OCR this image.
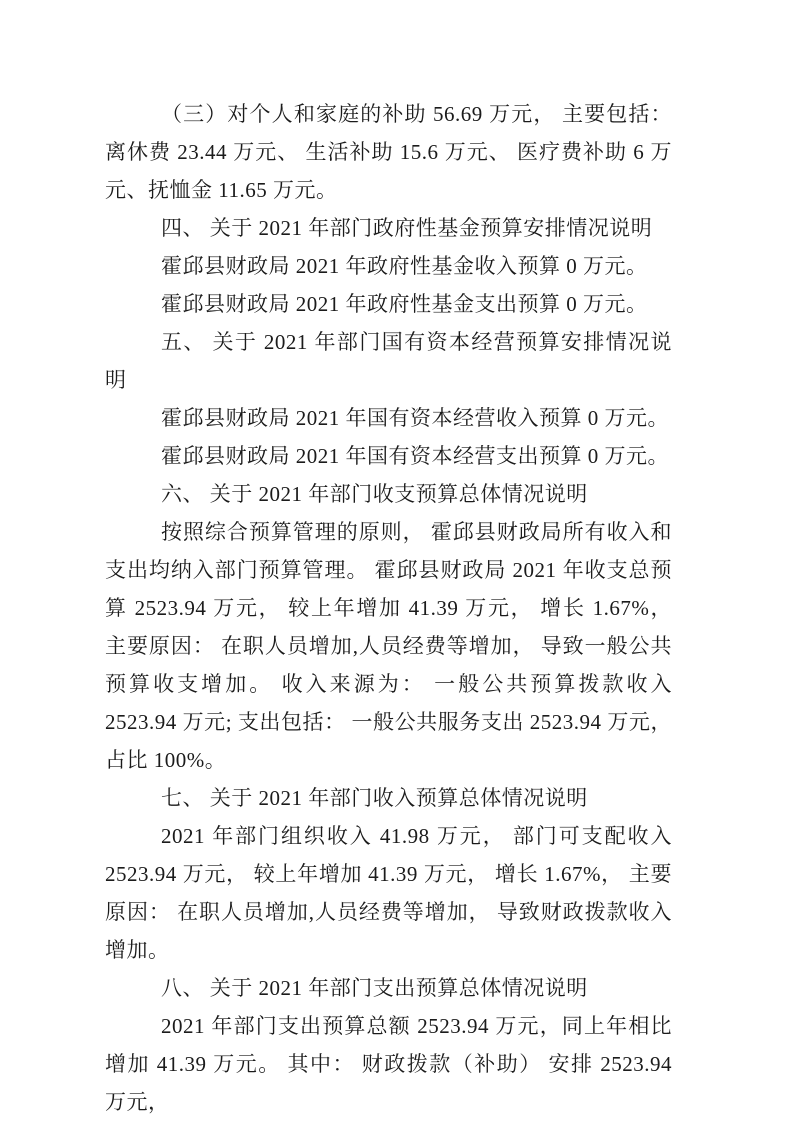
（三）对个人和家庭的补助 56.69 万元， 主要包括： 离休费 23.44 万元、 生活补助 15.6 万元、 医疗费补助 6 万元、抚恤金 11.65 万元。

四、 关于 2021 年部门政府性基金预算安排情况说明

霍邱县财政局 2021 年政府性基金收入预算 0 万元。

霍邱县财政局 2021 年政府性基金支出预算 0 万元。

五、 关于 2021 年部门国有资本经营预算安排情况说明

霍邱县财政局 2021 年国有资本经营收入预算 0 万元。

霍邱县财政局 2021 年国有资本经营支出预算 0 万元。

六、 关于 2021 年部门收支预算总体情况说明

按照综合预算管理的原则， 霍邱县财政局所有收入和支出均纳入部门预算管理。 霍邱县财政局 2021 年收支总预算 2523.94 万元， 较上年增加 41.39 万元， 增长 1.67%， 主要原因： 在职人员增加,人员经费等增加， 导致一般公共预算收支增加。 收入来源为： 一般公共预算拨款收入 2523.94 万元; 支出包括： 一般公共服务支出 2523.94 万元， 占比 100%。

七、 关于 2021 年部门收入预算总体情况说明

2021 年部门组织收入 41.98 万元， 部门可支配收入 2523.94 万元， 较上年增加 41.39 万元， 增长 1.67%， 主要原因： 在职人员增加,人员经费等增加， 导致财政拨款收入增加。

八、 关于 2021 年部门支出预算总体情况说明

2021 年部门支出预算总额 2523.94 万元，同上年相比增加 41.39 万元。 其中： 财政拨款（补助） 安排 2523.94 万元，
